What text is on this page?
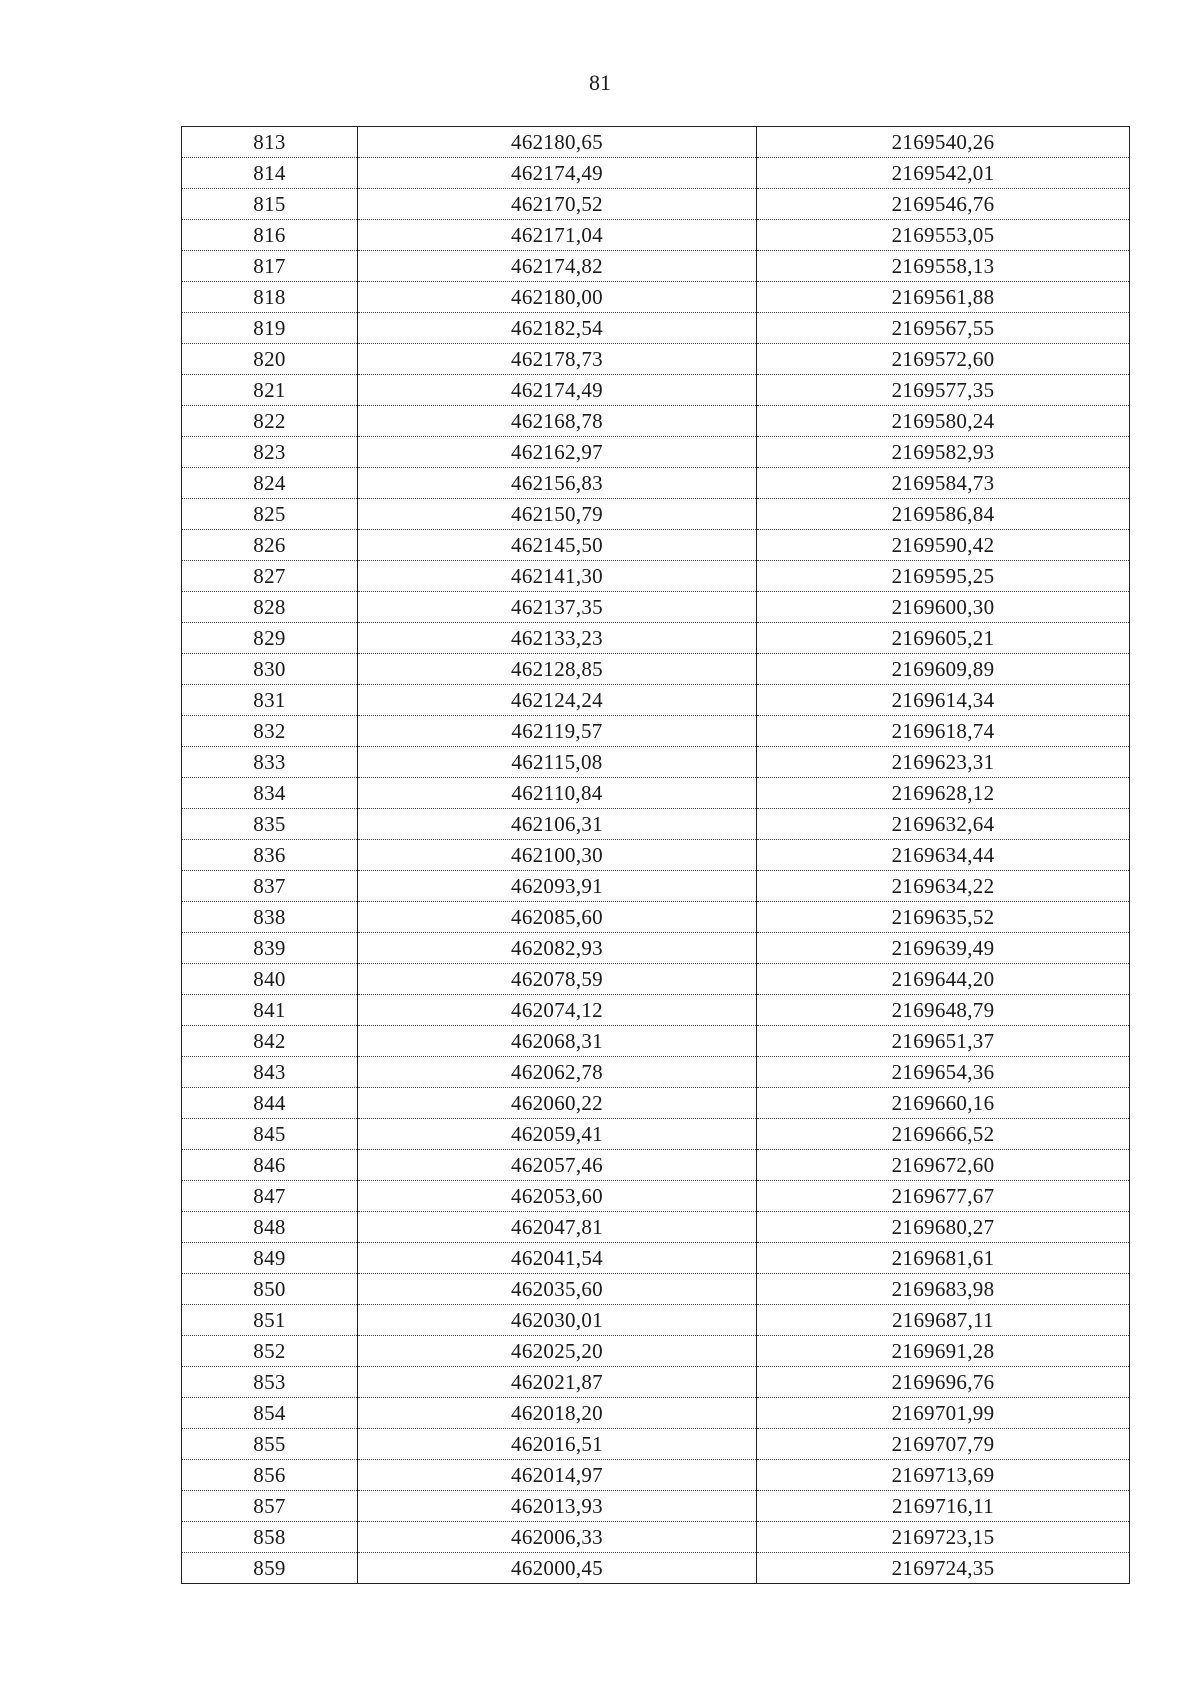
81
813	462180,65	2169540,26
814	462174,49	2169542,01
815	462170,52	2169546,76
816	462171,04	2169553,05
817	462174,82	2169558,13
818	462180,00	2169561,88
819	462182,54	2169567,55
820	462178,73	2169572,60
821	462174,49	2169577,35
822	462168,78	2169580,24
823	462162,97	2169582,93
824	462156,83	2169584,73
825	462150,79	2169586,84
826	462145,50	2169590,42
827	462141,30	2169595,25
828	462137,35	2169600,30
829	462133,23	2169605,21
830	462128,85	2169609,89
831	462124,24	2169614,34
832	462119,57	2169618,74
833	462115,08	2169623,31
834	462110,84	2169628,12
835	462106,31	2169632,64
836	462100,30	2169634,44
837	462093,91	2169634,22
838	462085,60	2169635,52
839	462082,93	2169639,49
840	462078,59	2169644,20
841	462074,12	2169648,79
842	462068,31	2169651,37
843	462062,78	2169654,36
844	462060,22	2169660,16
845	462059,41	2169666,52
846	462057,46	2169672,60
847	462053,60	2169677,67
848	462047,81	2169680,27
849	462041,54	2169681,61
850	462035,60	2169683,98
851	462030,01	2169687,11
852	462025,20	2169691,28
853	462021,87	2169696,76
854	462018,20	2169701,99
855	462016,51	2169707,79
856	462014,97	2169713,69
857	462013,93	2169716,11
858	462006,33	2169723,15
859	462000,45	2169724,35
